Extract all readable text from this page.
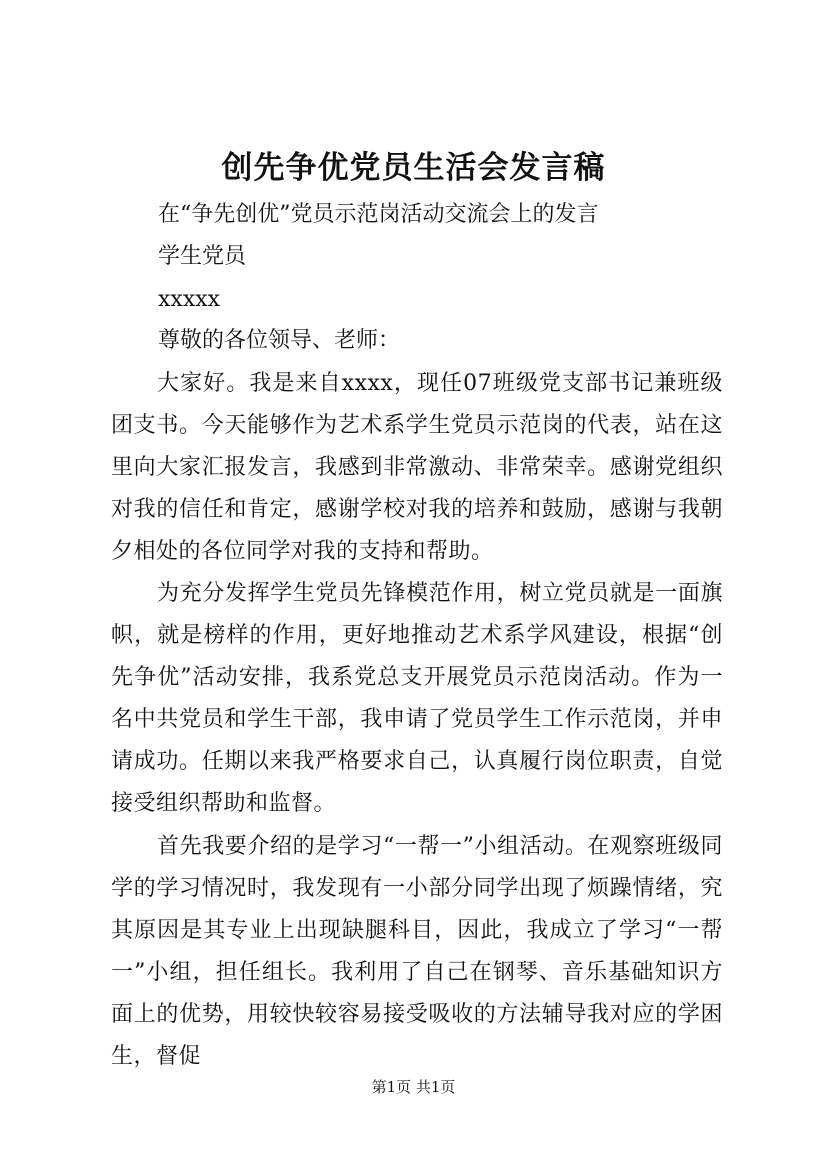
创先争优党员生活会发言稿
在“争先创优”党员示范岗活动交流会上的发言
学生党员
xxxxx
尊敬的各位领导、老师：
大家好。我是来自xxxx，现任07班级党支部书记兼班级团支书。今天能够作为艺术系学生党员示范岗的代表，站在这里向大家汇报发言，我感到非常激动、非常荣幸。感谢党组织对我的信任和肯定，感谢学校对我的培养和鼓励，感谢与我朝夕相处的各位同学对我的支持和帮助。
为充分发挥学生党员先锋模范作用，树立党员就是一面旗帜，就是榜样的作用，更好地推动艺术系学风建设，根据“创先争优”活动安排，我系党总支开展党员示范岗活动。作为一名中共党员和学生干部，我申请了党员学生工作示范岗，并申请成功。任期以来我严格要求自己，认真履行岗位职责，自觉接受组织帮助和监督。
首先我要介绍的是学习“一帮一”小组活动。在观察班级同学的学习情况时，我发现有一小部分同学出现了烦躁情绪，究其原因是其专业上出现缺腿科目，因此，我成立了学习“一帮一”小组，担任组长。我利用了自己在钢琴、音乐基础知识方面上的优势，用较快较容易接受吸收的方法辅导我对应的学困生，督促
第1页 共1页
